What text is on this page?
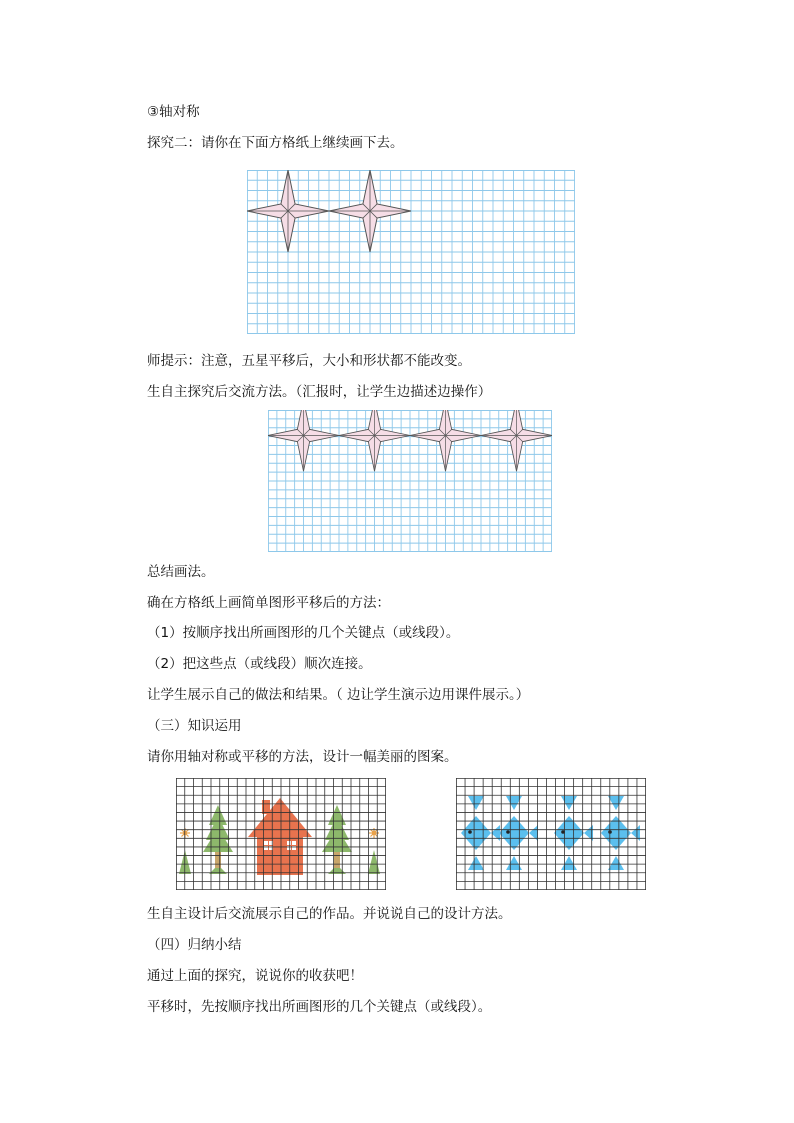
③轴对称
探究二：请你在下面方格纸上继续画下去。
师提示：注意，五星平移后，大小和形状都不能改变。
生自主探究后交流方法。（汇报时，让学生边描述边操作）
总结画法。
确在方格纸上画简单图形平移后的方法：
（1）按顺序找出所画图形的几个关键点（或线段）。
（2）把这些点（或线段）顺次连接。
让学生展示自己的做法和结果。（ 边让学生演示边用课件展示。）
（三）知识运用
请你用轴对称或平移的方法，设计一幅美丽的图案。
生自主设计后交流展示自己的作品。并说说自己的设计方法。
（四）归纳小结
通过上面的探究，说说你的收获吧！
平移时，先按顺序找出所画图形的几个关键点（或线段）。
